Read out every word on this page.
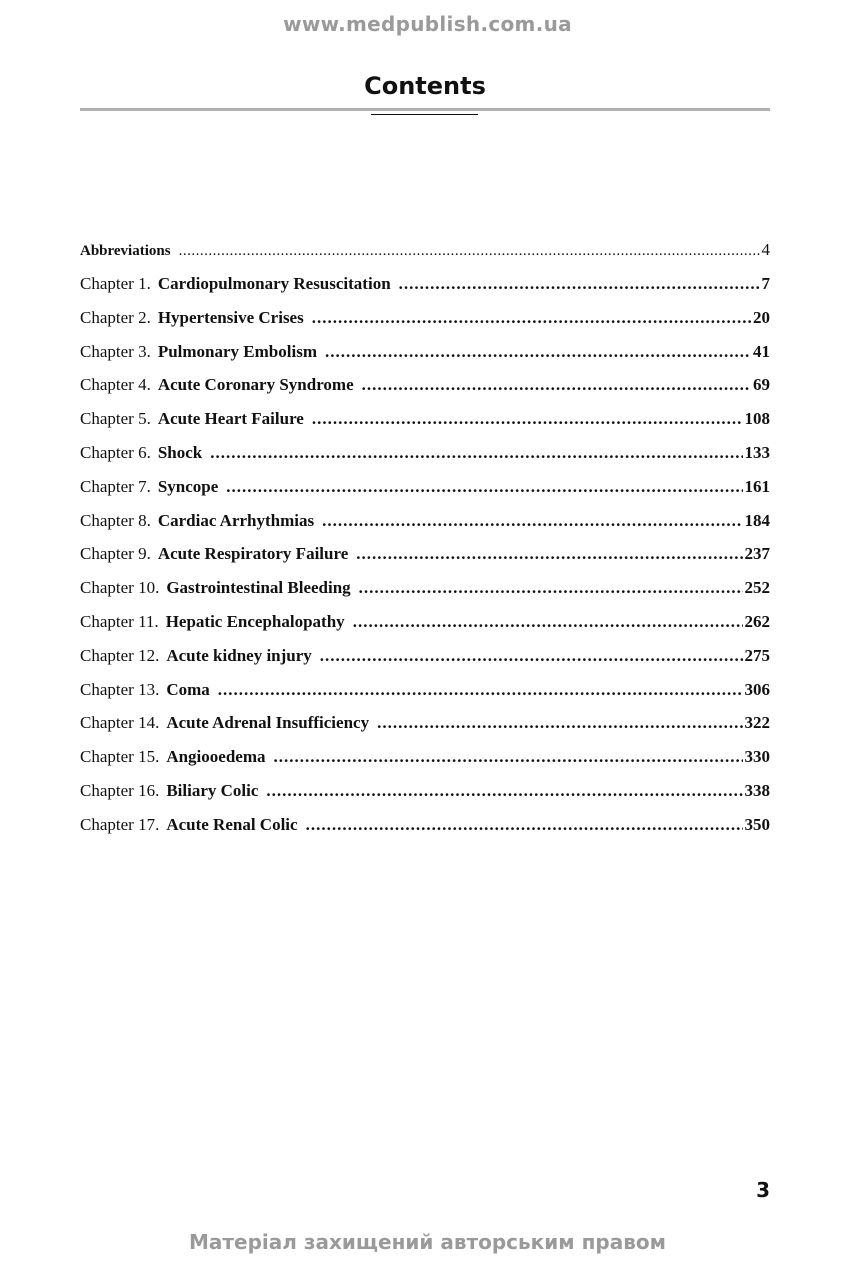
www.medpublish.com.ua
Contents
Abbreviations .....	4
Chapter 1. Cardiopulmonary Resuscitation .....	7
Chapter 2. Hypertensive Crises .....	20
Chapter 3. Pulmonary Embolism .....	41
Chapter 4. Acute Coronary Syndrome .....	69
Chapter 5. Acute Heart Failure .....	108
Chapter 6. Shock .....	133
Chapter 7. Syncope .....	161
Chapter 8. Cardiac Arrhythmias .....	184
Chapter 9. Acute Respiratory Failure .....	237
Chapter 10. Gastrointestinal Bleeding .....	252
Chapter 11. Hepatic Encephalopathy .....	262
Chapter 12. Acute kidney injury .....	275
Chapter 13. Coma .....	306
Chapter 14. Acute Adrenal Insufficiency .....	322
Chapter 15. Angiooedema .....	330
Chapter 16. Biliary Colic .....	338
Chapter 17. Acute Renal Colic .....	350
3
Матеріал захищений авторським правом
